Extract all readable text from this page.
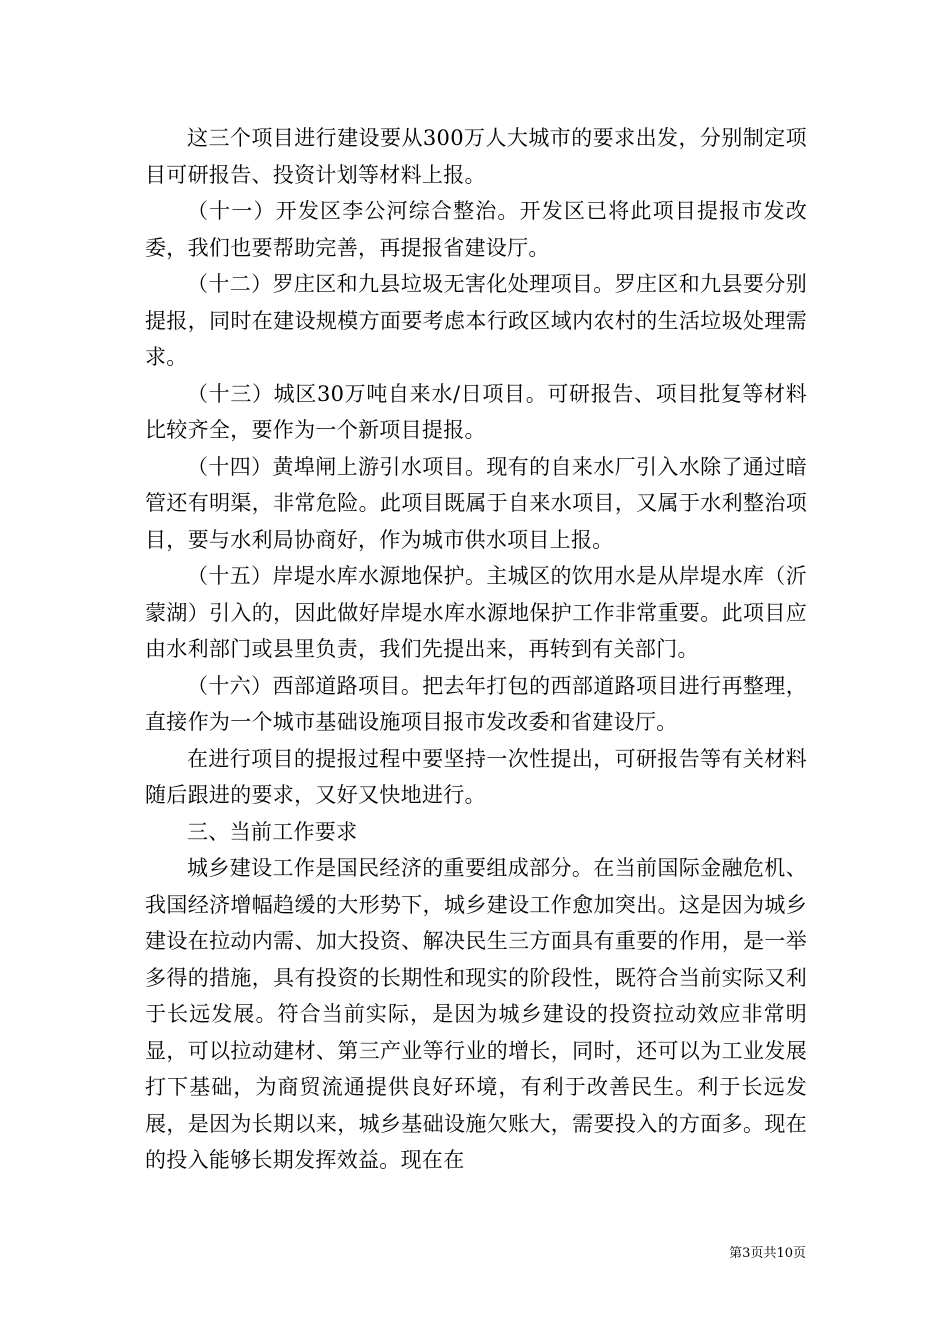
这三个项目进行建设要从300万人大城市的要求出发，分别制定项目可研报告、投资计划等材料上报。

（十一）开发区李公河综合整治。开发区已将此项目提报市发改委，我们也要帮助完善，再提报省建设厅。

（十二）罗庄区和九县垃圾无害化处理项目。罗庄区和九县要分别提报，同时在建设规模方面要考虑本行政区域内农村的生活垃圾处理需求。

（十三）城区30万吨自来水/日项目。可研报告、项目批复等材料比较齐全，要作为一个新项目提报。

（十四）黄埠闸上游引水项目。现有的自来水厂引入水除了通过暗管还有明渠，非常危险。此项目既属于自来水项目，又属于水利整治项目，要与水利局协商好，作为城市供水项目上报。

（十五）岸堤水库水源地保护。主城区的饮用水是从岸堤水库（沂蒙湖）引入的，因此做好岸堤水库水源地保护工作非常重要。此项目应由水利部门或县里负责，我们先提出来，再转到有关部门。

（十六）西部道路项目。把去年打包的西部道路项目进行再整理，直接作为一个城市基础设施项目报市发改委和省建设厅。

在进行项目的提报过程中要坚持一次性提出，可研报告等有关材料随后跟进的要求，又好又快地进行。

三、当前工作要求

城乡建设工作是国民经济的重要组成部分。在当前国际金融危机、我国经济增幅趋缓的大形势下，城乡建设工作愈加突出。这是因为城乡建设在拉动内需、加大投资、解决民生三方面具有重要的作用，是一举多得的措施，具有投资的长期性和现实的阶段性，既符合当前实际又利于长远发展。符合当前实际，是因为城乡建设的投资拉动效应非常明显，可以拉动建材、第三产业等行业的增长，同时，还可以为工业发展打下基础，为商贸流通提供良好环境，有利于改善民生。利于长远发展，是因为长期以来，城乡基础设施欠账大，需要投入的方面多。现在的投入能够长期发挥效益。现在在

第3页共10页
